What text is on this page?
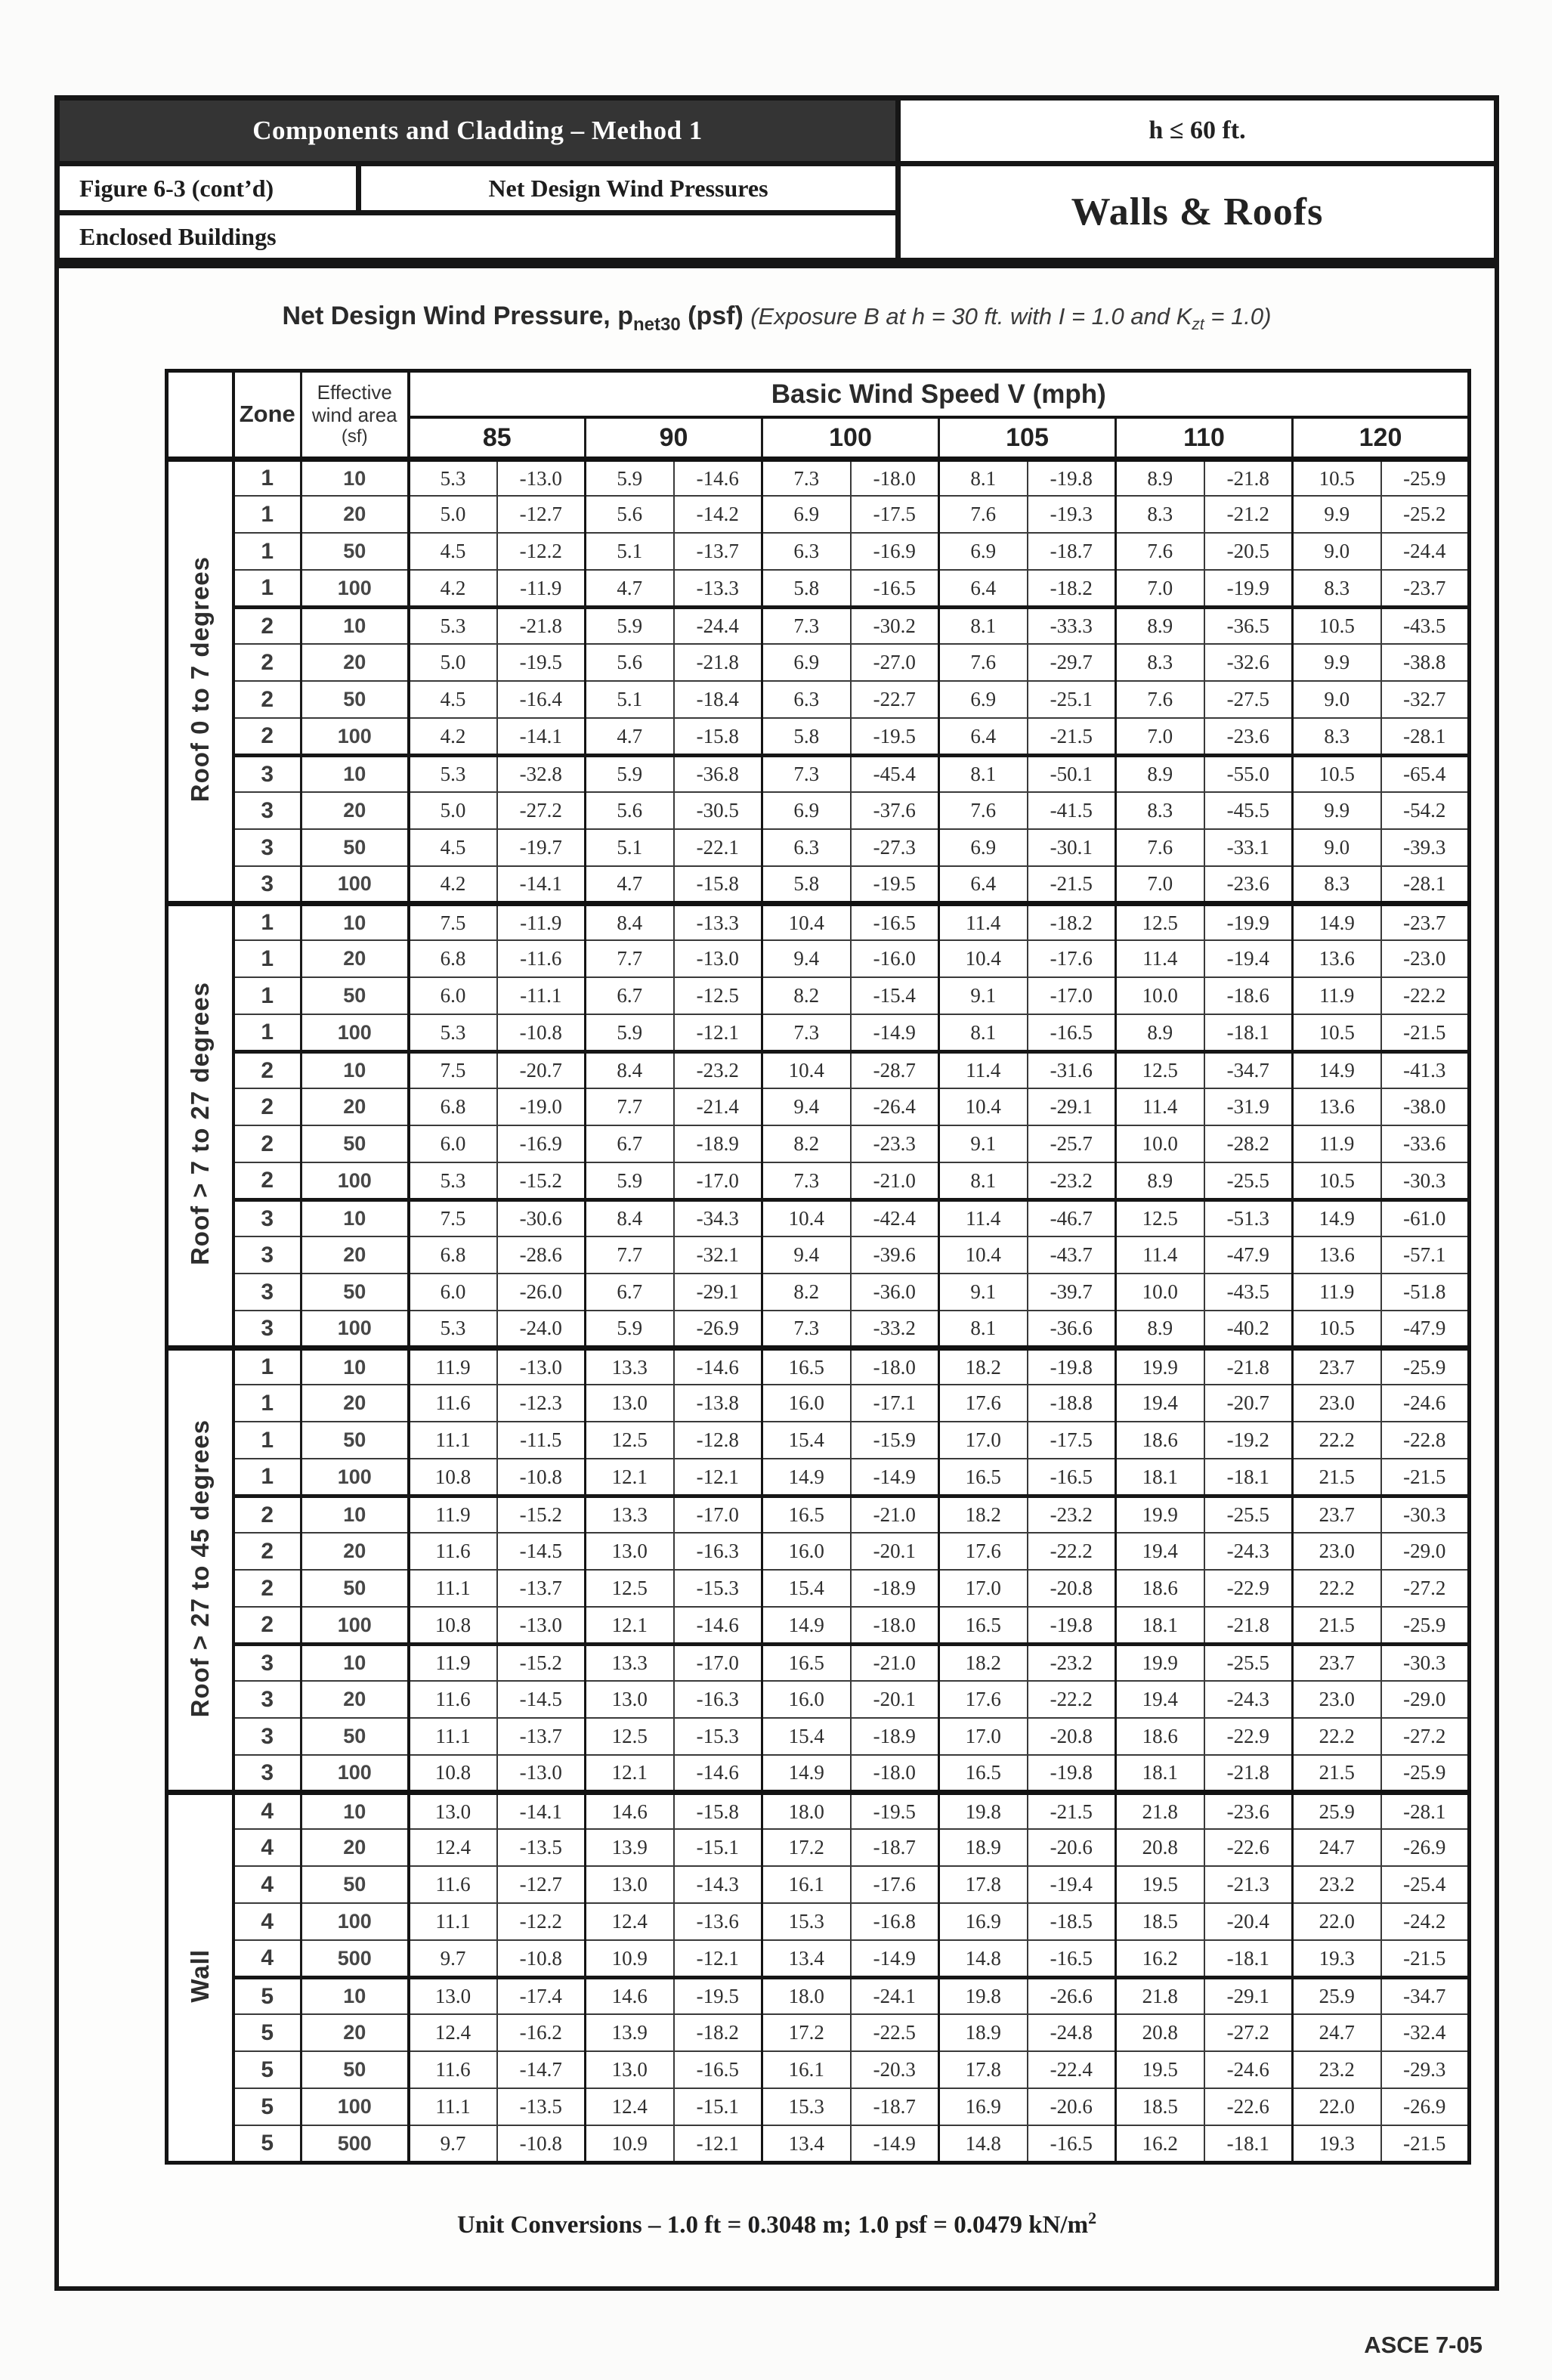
Components and Cladding – Method 1
Figure 6-3 (cont’d)	Net Design Wind Pressures
Enclosed Buildings
h ≤ 60 ft.
Walls & Roofs
Net Design Wind Pressure, $p_{net30}$ (psf) (Exposure B at h = 30 ft. with I = 1.0 and $K_{zt} = 1.0$)
	Zone	Effective
wind area
(sf)	Basic Wind Speed V (mph)											
			85		90		100		105		110		120	
Roof 0 to 7 degrees	1	10	5.3	-13.0	5.9	-14.6	7.3	-18.0	8.1	-19.8	8.9	-21.8	10.5	-25.9
	1	20	5.0	-12.7	5.6	-14.2	6.9	-17.5	7.6	-19.3	8.3	-21.2	9.9	-25.2
	1	50	4.5	-12.2	5.1	-13.7	6.3	-16.9	6.9	-18.7	7.6	-20.5	9.0	-24.4
	1	100	4.2	-11.9	4.7	-13.3	5.8	-16.5	6.4	-18.2	7.0	-19.9	8.3	-23.7
	2	10	5.3	-21.8	5.9	-24.4	7.3	-30.2	8.1	-33.3	8.9	-36.5	10.5	-43.5
	2	20	5.0	-19.5	5.6	-21.8	6.9	-27.0	7.6	-29.7	8.3	-32.6	9.9	-38.8
	2	50	4.5	-16.4	5.1	-18.4	6.3	-22.7	6.9	-25.1	7.6	-27.5	9.0	-32.7
	2	100	4.2	-14.1	4.7	-15.8	5.8	-19.5	6.4	-21.5	7.0	-23.6	8.3	-28.1
	3	10	5.3	-32.8	5.9	-36.8	7.3	-45.4	8.1	-50.1	8.9	-55.0	10.5	-65.4
	3	20	5.0	-27.2	5.6	-30.5	6.9	-37.6	7.6	-41.5	8.3	-45.5	9.9	-54.2
	3	50	4.5	-19.7	5.1	-22.1	6.3	-27.3	6.9	-30.1	7.6	-33.1	9.0	-39.3
	3	100	4.2	-14.1	4.7	-15.8	5.8	-19.5	6.4	-21.5	7.0	-23.6	8.3	-28.1
Roof > 7 to 27 degrees	1	10	7.5	-11.9	8.4	-13.3	10.4	-16.5	11.4	-18.2	12.5	-19.9	14.9	-23.7
	1	20	6.8	-11.6	7.7	-13.0	9.4	-16.0	10.4	-17.6	11.4	-19.4	13.6	-23.0
	1	50	6.0	-11.1	6.7	-12.5	8.2	-15.4	9.1	-17.0	10.0	-18.6	11.9	-22.2
	1	100	5.3	-10.8	5.9	-12.1	7.3	-14.9	8.1	-16.5	8.9	-18.1	10.5	-21.5
	2	10	7.5	-20.7	8.4	-23.2	10.4	-28.7	11.4	-31.6	12.5	-34.7	14.9	-41.3
	2	20	6.8	-19.0	7.7	-21.4	9.4	-26.4	10.4	-29.1	11.4	-31.9	13.6	-38.0
	2	50	6.0	-16.9	6.7	-18.9	8.2	-23.3	9.1	-25.7	10.0	-28.2	11.9	-33.6
	2	100	5.3	-15.2	5.9	-17.0	7.3	-21.0	8.1	-23.2	8.9	-25.5	10.5	-30.3
	3	10	7.5	-30.6	8.4	-34.3	10.4	-42.4	11.4	-46.7	12.5	-51.3	14.9	-61.0
	3	20	6.8	-28.6	7.7	-32.1	9.4	-39.6	10.4	-43.7	11.4	-47.9	13.6	-57.1
	3	50	6.0	-26.0	6.7	-29.1	8.2	-36.0	9.1	-39.7	10.0	-43.5	11.9	-51.8
	3	100	5.3	-24.0	5.9	-26.9	7.3	-33.2	8.1	-36.6	8.9	-40.2	10.5	-47.9
Roof > 27 to 45 degrees	1	10	11.9	-13.0	13.3	-14.6	16.5	-18.0	18.2	-19.8	19.9	-21.8	23.7	-25.9
	1	20	11.6	-12.3	13.0	-13.8	16.0	-17.1	17.6	-18.8	19.4	-20.7	23.0	-24.6
	1	50	11.1	-11.5	12.5	-12.8	15.4	-15.9	17.0	-17.5	18.6	-19.2	22.2	-22.8
	1	100	10.8	-10.8	12.1	-12.1	14.9	-14.9	16.5	-16.5	18.1	-18.1	21.5	-21.5
	2	10	11.9	-15.2	13.3	-17.0	16.5	-21.0	18.2	-23.2	19.9	-25.5	23.7	-30.3
	2	20	11.6	-14.5	13.0	-16.3	16.0	-20.1	17.6	-22.2	19.4	-24.3	23.0	-29.0
	2	50	11.1	-13.7	12.5	-15.3	15.4	-18.9	17.0	-20.8	18.6	-22.9	22.2	-27.2
	2	100	10.8	-13.0	12.1	-14.6	14.9	-18.0	16.5	-19.8	18.1	-21.8	21.5	-25.9
	3	10	11.9	-15.2	13.3	-17.0	16.5	-21.0	18.2	-23.2	19.9	-25.5	23.7	-30.3
	3	20	11.6	-14.5	13.0	-16.3	16.0	-20.1	17.6	-22.2	19.4	-24.3	23.0	-29.0
	3	50	11.1	-13.7	12.5	-15.3	15.4	-18.9	17.0	-20.8	18.6	-22.9	22.2	-27.2
	3	100	10.8	-13.0	12.1	-14.6	14.9	-18.0	16.5	-19.8	18.1	-21.8	21.5	-25.9
Wall	4	10	13.0	-14.1	14.6	-15.8	18.0	-19.5	19.8	-21.5	21.8	-23.6	25.9	-28.1
	4	20	12.4	-13.5	13.9	-15.1	17.2	-18.7	18.9	-20.6	20.8	-22.6	24.7	-26.9
	4	50	11.6	-12.7	13.0	-14.3	16.1	-17.6	17.8	-19.4	19.5	-21.3	23.2	-25.4
	4	100	11.1	-12.2	12.4	-13.6	15.3	-16.8	16.9	-18.5	18.5	-20.4	22.0	-24.2
	4	500	9.7	-10.8	10.9	-12.1	13.4	-14.9	14.8	-16.5	16.2	-18.1	19.3	-21.5
	5	10	13.0	-17.4	14.6	-19.5	18.0	-24.1	19.8	-26.6	21.8	-29.1	25.9	-34.7
	5	20	12.4	-16.2	13.9	-18.2	17.2	-22.5	18.9	-24.8	20.8	-27.2	24.7	-32.4
	5	50	11.6	-14.7	13.0	-16.5	16.1	-20.3	17.8	-22.4	19.5	-24.6	23.2	-29.3
	5	100	11.1	-13.5	12.4	-15.1	15.3	-18.7	16.9	-20.6	18.5	-22.6	22.0	-26.9
	5	500	9.7	-10.8	10.9	-12.1	13.4	-14.9	14.8	-16.5	16.2	-18.1	19.3	-21.5
Unit Conversions – 1.0 ft = 0.3048 m; 1.0 psf = 0.0479 $kN/m^2$
ASCE 7-05
